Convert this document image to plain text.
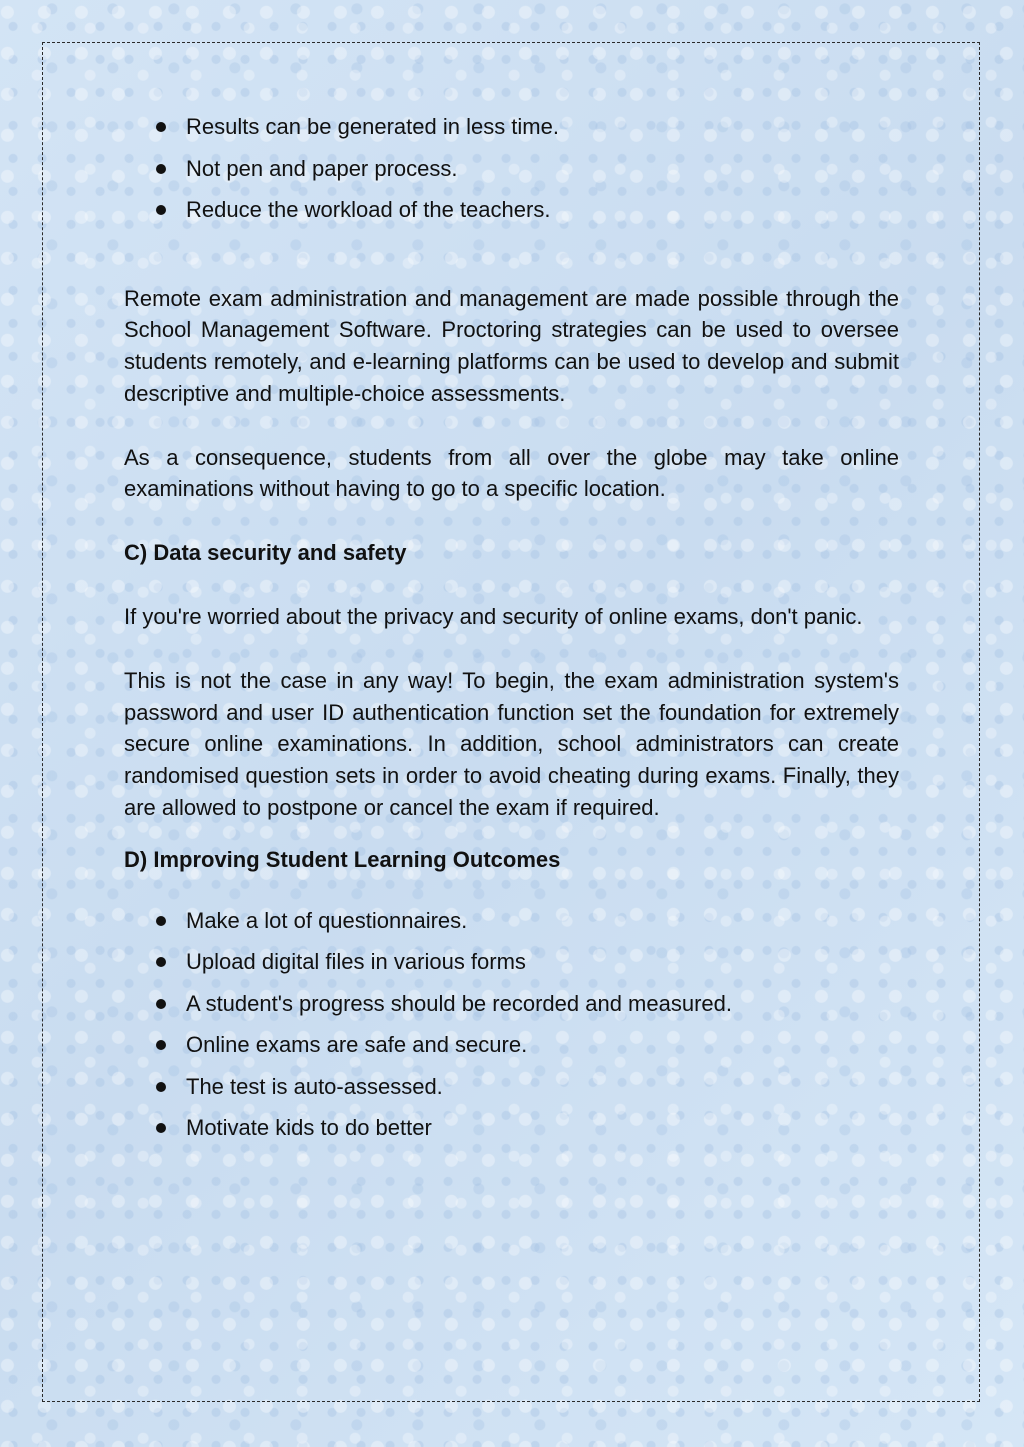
Results can be generated in less time.
Not pen and paper process.
Reduce the workload of the teachers.

Remote exam administration and management are made possible through the School Management Software. Proctoring strategies can be used to oversee students remotely, and e-learning platforms can be used to develop and submit descriptive and multiple-choice assessments.

As a consequence, students from all over the globe may take online examinations without having to go to a specific location.

C) Data security and safety

If you're worried about the privacy and security of online exams, don't panic.

This is not the case in any way! To begin, the exam administration system's password and user ID authentication function set the foundation for extremely secure online examinations. In addition, school administrators can create randomised question sets in order to avoid cheating during exams. Finally, they are allowed to postpone or cancel the exam if required.

D) Improving Student Learning Outcomes
Make a lot of questionnaires.
Upload digital files in various forms
A student's progress should be recorded and measured.
Online exams are safe and secure.
The test is auto-assessed.
Motivate kids to do better
